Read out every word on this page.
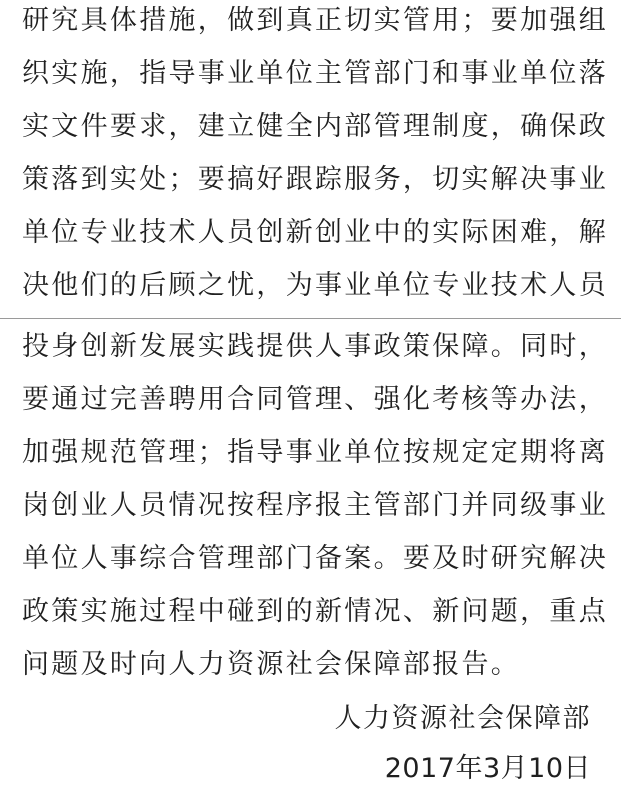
研究具体措施，做到真正切实管用；要加强组
织实施，指导事业单位主管部门和事业单位落
实文件要求，建立健全内部管理制度，确保政
策落到实处；要搞好跟踪服务，切实解决事业
单位专业技术人员创新创业中的实际困难，解
决他们的后顾之忧，为事业单位专业技术人员
投身创新发展实践提供人事政策保障。同时，
要通过完善聘用合同管理、强化考核等办法，
加强规范管理；指导事业单位按规定定期将离
岗创业人员情况按程序报主管部门并同级事业
单位人事综合管理部门备案。要及时研究解决
政策实施过程中碰到的新情况、新问题，重点
问题及时向人力资源社会保障部报告。
人力资源社会保障部
2017年3月10日
